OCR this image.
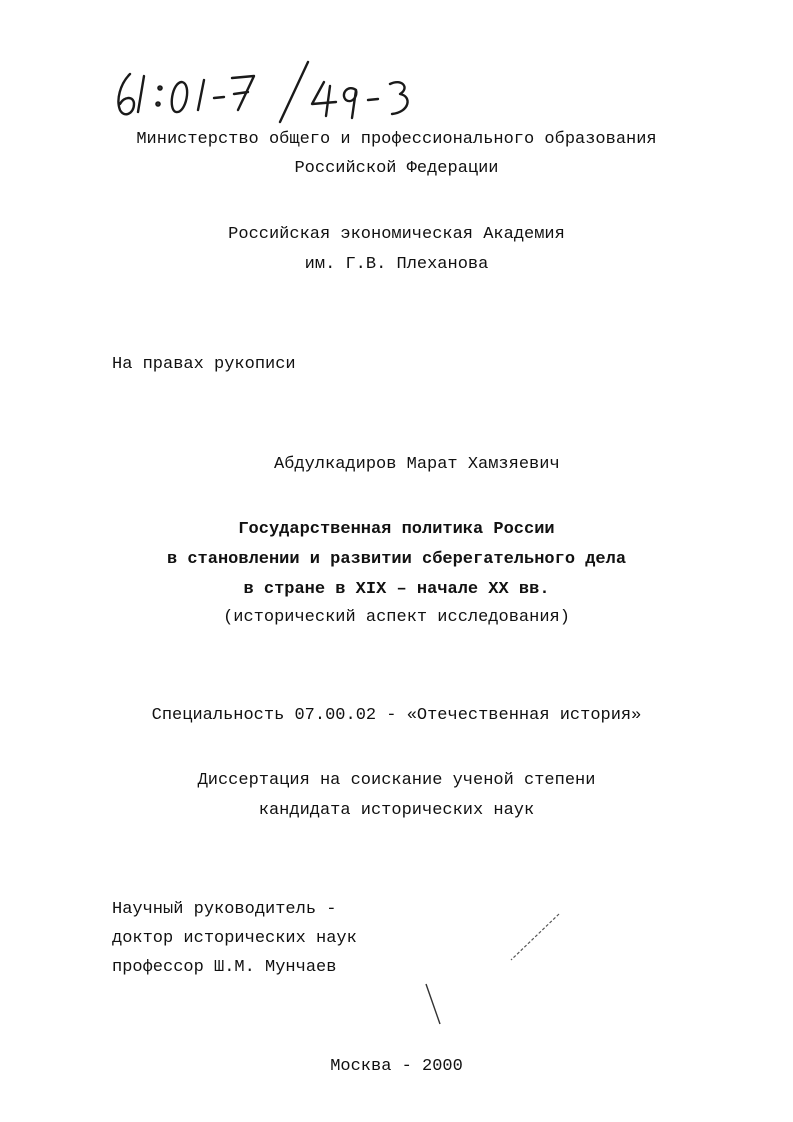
Министерство общего и профессионального образования
Российской Федерации
Российская экономическая Академия
им. Г.В. Плеханова
На правах рукописи
Абдулкадиров Марат Хамзяевич
Государственная политика России
в становлении и развитии сберегательного дела
в стране в XIX – начале XX вв.
(исторический аспект исследования)
Специальность 07.00.02 - «Отечественная история»
Диссертация на соискание ученой степени
кандидата исторических наук
Научный руководитель -
доктор исторических наук
профессор Ш.М. Мунчаев
Москва - 2000
